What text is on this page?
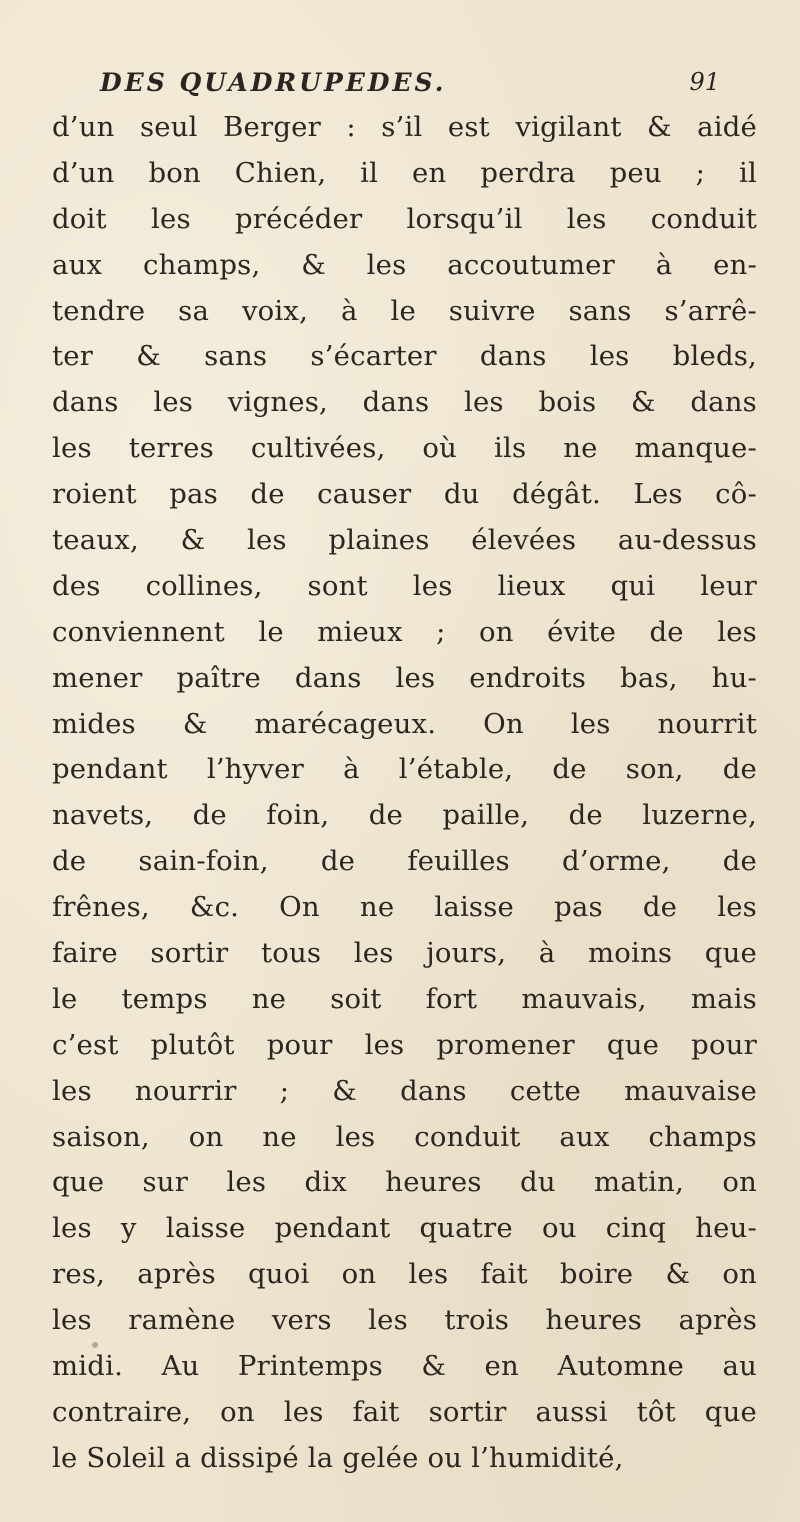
DES QUADRUPEDES.	91
d’un seul Berger : s’il est vigilant & aidé
d’un bon Chien, il en perdra peu ; il
doit les précéder lorsqu’il les conduit
aux champs, & les accoutumer à en-
tendre sa voix, à le suivre sans s’arrê-
ter & sans s’écarter dans les bleds,
dans les vignes, dans les bois & dans
les terres cultivées, où ils ne manque-
roient pas de causer du dégât. Les cô-
teaux, & les plaines élevées au-dessus
des collines, sont les lieux qui leur
conviennent le mieux ; on évite de les
mener paître dans les endroits bas, hu-
mides & marécageux. On les nourrit
pendant l’hyver à l’étable, de son, de
navets, de foin, de paille, de luzerne,
de sain-foin, de feuilles d’orme, de
frênes, &c. On ne laisse pas de les
faire sortir tous les jours, à moins que
le temps ne soit fort mauvais, mais
c’est plutôt pour les promener que pour
les nourrir ; & dans cette mauvaise
saison, on ne les conduit aux champs
que sur les dix heures du matin, on
les y laisse pendant quatre ou cinq heu-
res, après quoi on les fait boire & on
les ramène vers les trois heures après
midi. Au Printemps & en Automne au
contraire, on les fait sortir aussi tôt que
le Soleil a dissipé la gelée ou l’humidité,
